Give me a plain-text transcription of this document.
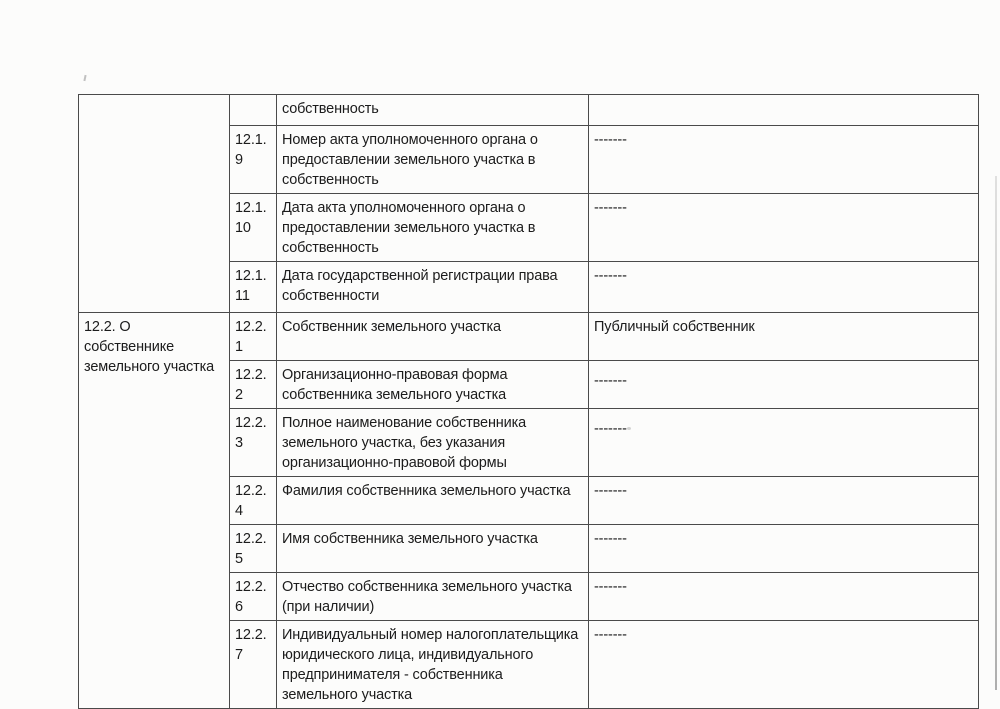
		собственность	
	12.1.9	Номер акта уполномоченного органа о предоставлении земельного участка в собственность	-------
	12.1.10	Дата акта уполномоченного органа о предоставлении земельного участка в собственность	-------
	12.1.11	Дата государственной регистрации права собственности	-------
12.2. О собственнике земельного участка	12.2.1	Собственник земельного участка	Публичный собственник
	12.2.2	Организационно-правовая форма собственника земельного участка	-------
	12.2.3	Полное наименование собственника земельного участка, без указания организационно-правовой формы	-------
	12.2.4	Фамилия собственника земельного участка	-------
	12.2.5	Имя собственника земельного участка	-------
	12.2.6	Отчество собственника земельного участка (при наличии)	-------
	12.2.7	Индивидуальный номер налогоплательщика юридического лица, индивидуального предпринимателя - собственника земельного участка	-------
